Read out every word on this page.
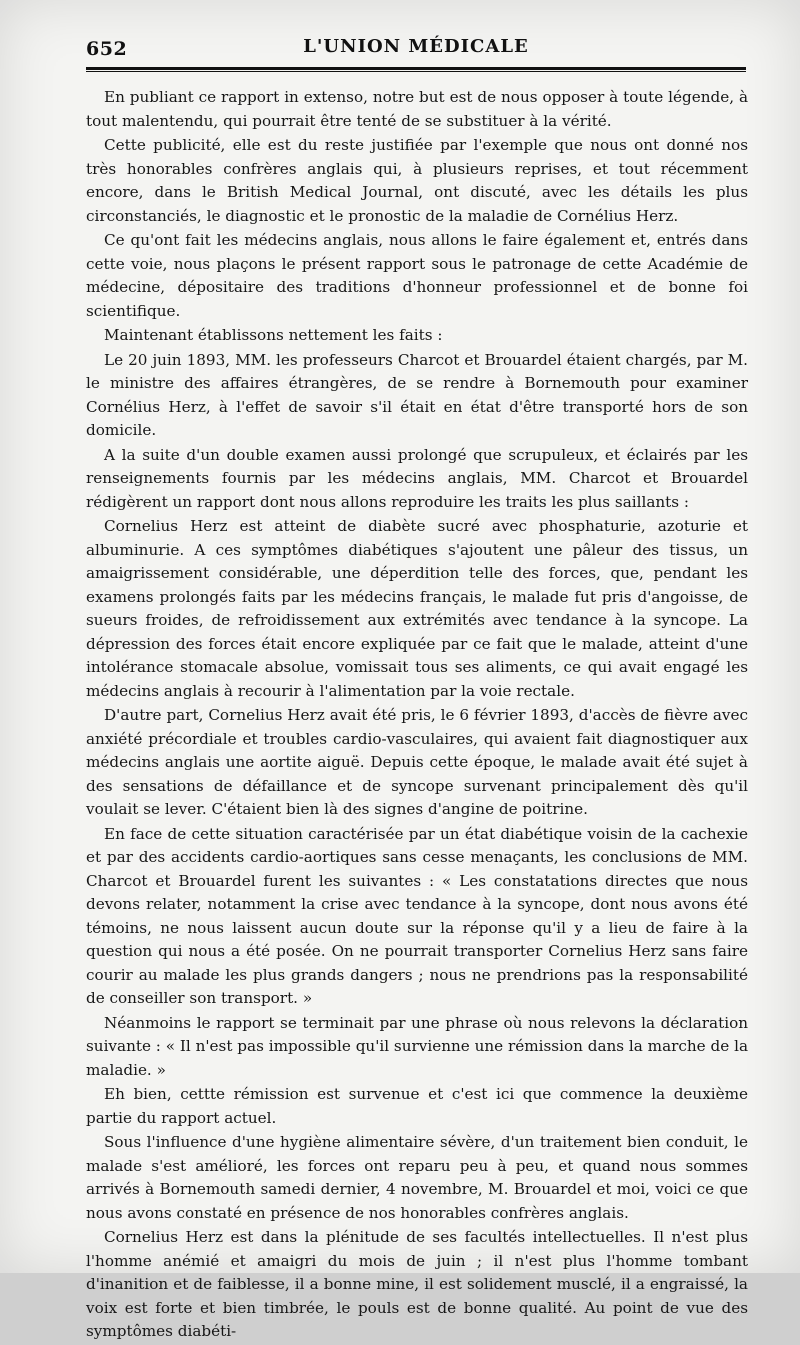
652	L'UNION MÉDICALE

En publiant ce rapport in extenso, notre but est de nous opposer à toute légende, à tout malentendu, qui pourrait être tenté de se substituer à la vérité.

Cette publicité, elle est du reste justifiée par l'exemple que nous ont donné nos très honorables confrères anglais qui, à plusieurs reprises, et tout récemment encore, dans le British Medical Journal, ont discuté, avec les détails les plus circonstanciés, le diagnostic et le pronostic de la maladie de Cornélius Herz.

Ce qu'ont fait les médecins anglais, nous allons le faire également et, entrés dans cette voie, nous plaçons le présent rapport sous le patronage de cette Académie de médecine, dépositaire des traditions d'honneur professionnel et de bonne foi scientifique.

Maintenant établissons nettement les faits :

Le 20 juin 1893, MM. les professeurs Charcot et Brouardel étaient chargés, par M. le ministre des affaires étrangères, de se rendre à Bornemouth pour examiner Cornélius Herz, à l'effet de savoir s'il était en état d'être transporté hors de son domicile.

A la suite d'un double examen aussi prolongé que scrupuleux, et éclairés par les renseignements fournis par les médecins anglais, MM. Charcot et Brouardel rédigèrent un rapport dont nous allons reproduire les traits les plus saillants :

Cornelius Herz est atteint de diabète sucré avec phosphaturie, azoturie et albuminurie. A ces symptômes diabétiques s'ajoutent une pâleur des tissus, un amaigrissement considérable, une déperdition telle des forces, que, pendant les examens prolongés faits par les médecins français, le malade fut pris d'angoisse, de sueurs froides, de refroidissement aux extrémités avec tendance à la syncope. La dépression des forces était encore expliquée par ce fait que le malade, atteint d'une intolérance stomacale absolue, vomissait tous ses aliments, ce qui avait engagé les médecins anglais à recourir à l'alimentation par la voie rectale.

D'autre part, Cornelius Herz avait été pris, le 6 février 1893, d'accès de fièvre avec anxiété précordiale et troubles cardio-vasculaires, qui avaient fait diagnostiquer aux médecins anglais une aortite aiguë. Depuis cette époque, le malade avait été sujet à des sensations de défaillance et de syncope survenant principalement dès qu'il voulait se lever. C'étaient bien là des signes d'angine de poitrine.

En face de cette situation caractérisée par un état diabétique voisin de la cachexie et par des accidents cardio-aortiques sans cesse menaçants, les conclusions de MM. Charcot et Brouardel furent les suivantes : « Les constatations directes que nous devons relater, notamment la crise avec tendance à la syncope, dont nous avons été témoins, ne nous laissent aucun doute sur la réponse qu'il y a lieu de faire à la question qui nous a été posée. On ne pourrait transporter Cornelius Herz sans faire courir au malade les plus grands dangers ; nous ne prendrions pas la responsabilité de conseiller son transport. »

Néanmoins le rapport se terminait par une phrase où nous relevons la déclaration suivante : « Il n'est pas impossible qu'il survienne une rémission dans la marche de la maladie. »

Eh bien, cettte rémission est survenue et c'est ici que commence la deuxième partie du rapport actuel.

Sous l'influence d'une hygiène alimentaire sévère, d'un traitement bien conduit, le malade s'est amélioré, les forces ont reparu peu à peu, et quand nous sommes arrivés à Bornemouth samedi dernier, 4 novembre, M. Brouardel et moi, voici ce que nous avons constaté en présence de nos honorables confrères anglais.

Cornelius Herz est dans la plénitude de ses facultés intellectuelles. Il n'est plus l'homme anémié et amaigri du mois de juin ; il n'est plus l'homme tombant d'inanition et de faiblesse, il a bonne mine, il est solidement musclé, il a engraissé, la voix est forte et bien timbrée, le pouls est de bonne qualité. Au point de vue des symptômes diabéti-
